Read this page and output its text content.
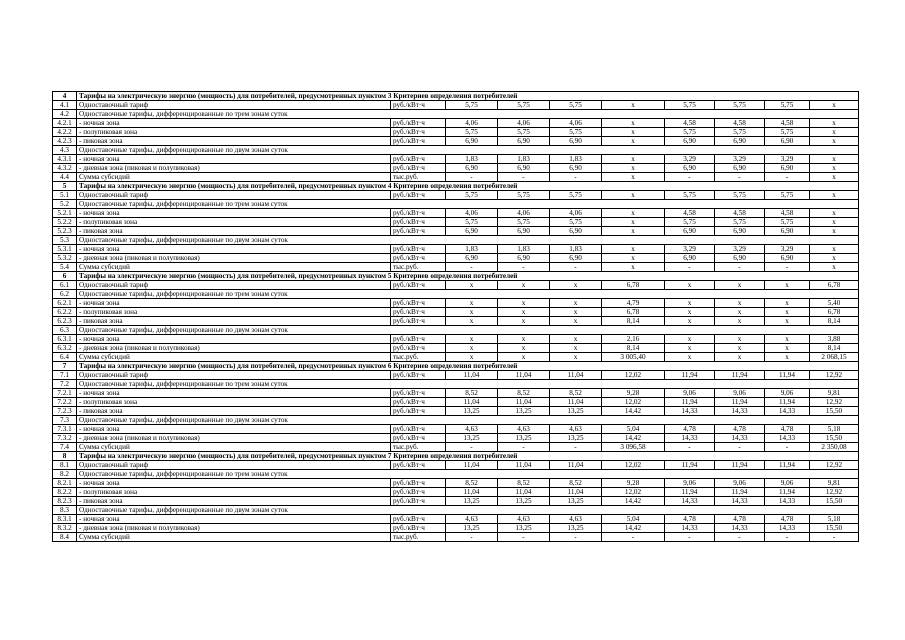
4	Тарифы на электрическую энергию (мощность) для потребителей, предусмотренных пунктом 3 Критериев определения потребителей									
4.1	Одноставочный тариф	руб./кВт·ч	5,75	5,75	5,75	x	5,75	5,75	5,75	x
4.2	Одноставочные тарифы, дифференцированные по трем зонам суток									
4.2.1	- ночная зона	руб./кВт·ч	4,06	4,06	4,06	x	4,58	4,58	4,58	x
4.2.2	- полупиковая зона	руб./кВт·ч	5,75	5,75	5,75	x	5,75	5,75	5,75	x
4.2.3	- пиковая зона	руб./кВт·ч	6,90	6,90	6,90	x	6,90	6,90	6,90	x
4.3	Одноставочные тарифы, дифференцированные по двум зонам суток									
4.3.1	- ночная зона	руб./кВт·ч	1,83	1,83	1,83	x	3,29	3,29	3,29	x
4.3.2	- дневная зона (пиковая и полупиковая)	руб./кВт·ч	6,90	6,90	6,90	x	6,90	6,90	6,90	x
4.4	Сумма субсидий	тыс.руб.	-	-	-	x	-	-	-	x
5	Тарифы на электрическую энергию (мощность) для потребителей, предусмотренных пунктом 4 Критериев определения потребителей									
5.1	Одноставочный тариф	руб./кВт·ч	5,75	5,75	5,75	x	5,75	5,75	5,75	x
5.2	Одноставочные тарифы, дифференцированные по трем зонам суток									
5.2.1	- ночная зона	руб./кВт·ч	4,06	4,06	4,06	x	4,58	4,58	4,58	x
5.2.2	- полупиковая зона	руб./кВт·ч	5,75	5,75	5,75	x	5,75	5,75	5,75	x
5.2.3	- пиковая зона	руб./кВт·ч	6,90	6,90	6,90	x	6,90	6,90	6,90	x
5.3	Одноставочные тарифы, дифференцированные по двум зонам суток									
5.3.1	- ночная зона	руб./кВт·ч	1,83	1,83	1,83	x	3,29	3,29	3,29	x
5.3.2	- дневная зона (пиковая и полупиковая)	руб./кВт·ч	6,90	6,90	6,90	x	6,90	6,90	6,90	x
5.4	Сумма субсидий	тыс.руб.	-	-	-	x	-	-	-	x
6	Тарифы на электрическую энергию (мощность) для потребителей, предусмотренных пунктом 5 Критериев определения потребителей									
6.1	Одноставочный тариф	руб./кВт·ч	x	x	x	6,78	x	x	x	6,78
6.2	Одноставочные тарифы, дифференцированные по трем зонам суток									
6.2.1	- ночная зона	руб./кВт·ч	x	x	x	4,79	x	x	x	5,40
6.2.2	- полупиковая зона	руб./кВт·ч	x	x	x	6,78	x	x	x	6,78
6.2.3	- пиковая зона	руб./кВт·ч	x	x	x	8,14	x	x	x	8,14
6.3	Одноставочные тарифы, дифференцированные по двум зонам суток									
6.3.1	- ночная зона	руб./кВт·ч	x	x	x	2,16	x	x	x	3,88
6.3.2	- дневная зона (пиковая и полупиковая)	руб./кВт·ч	x	x	x	8,14	x	x	x	8,14
6.4	Сумма субсидий	тыс.руб.	x	x	x	3 005,40	x	x	x	2 068,15
7	Тарифы на электрическую энергию (мощность) для потребителей, предусмотренных пунктом 6 Критериев определения потребителей									
7.1	Одноставочный тариф	руб./кВт·ч	11,04	11,04	11,04	12,02	11,94	11,94	11,94	12,92
7.2	Одноставочные тарифы, дифференцированные по трем зонам суток									
7.2.1	- ночная зона	руб./кВт·ч	8,52	8,52	8,52	9,28	9,06	9,06	9,06	9,81
7.2.2	- полупиковая зона	руб./кВт·ч	11,04	11,04	11,04	12,02	11,94	11,94	11,94	12,92
7.2.3	- пиковая зона	руб./кВт·ч	13,25	13,25	13,25	14,42	14,33	14,33	14,33	15,50
7.3	Одноставочные тарифы, дифференцированные по двум зонам суток									
7.3.1	- ночная зона	руб./кВт·ч	4,63	4,63	4,63	5,04	4,78	4,78	4,78	5,18
7.3.2	- дневная зона (пиковая и полупиковая)	руб./кВт·ч	13,25	13,25	13,25	14,42	14,33	14,33	14,33	15,50
7.4	Сумма субсидий	тыс.руб.	-	-	-	3 096,58	-	-	-	2 350,08
8	Тарифы на электрическую энергию (мощность) для потребителей, предусмотренных пунктом 7 Критериев определения потребителей									
8.1	Одноставочный тариф	руб./кВт·ч	11,04	11,04	11,04	12,02	11,94	11,94	11,94	12,92
8.2	Одноставочные тарифы, дифференцированные по трем зонам суток									
8.2.1	- ночная зона	руб./кВт·ч	8,52	8,52	8,52	9,28	9,06	9,06	9,06	9,81
8.2.2	- полупиковая зона	руб./кВт·ч	11,04	11,04	11,04	12,02	11,94	11,94	11,94	12,92
8.2.3	- пиковая зона	руб./кВт·ч	13,25	13,25	13,25	14,42	14,33	14,33	14,33	15,50
8.3	Одноставочные тарифы, дифференцированные по двум зонам суток									
8.3.1	- ночная зона	руб./кВт·ч	4,63	4,63	4,63	5,04	4,78	4,78	4,78	5,18
8.3.2	- дневная зона (пиковая и полупиковая)	руб./кВт·ч	13,25	13,25	13,25	14,42	14,33	14,33	14,33	15,50
8.4	Сумма субсидий	тыс.руб.	-	-	-	-	-	-	-	-
